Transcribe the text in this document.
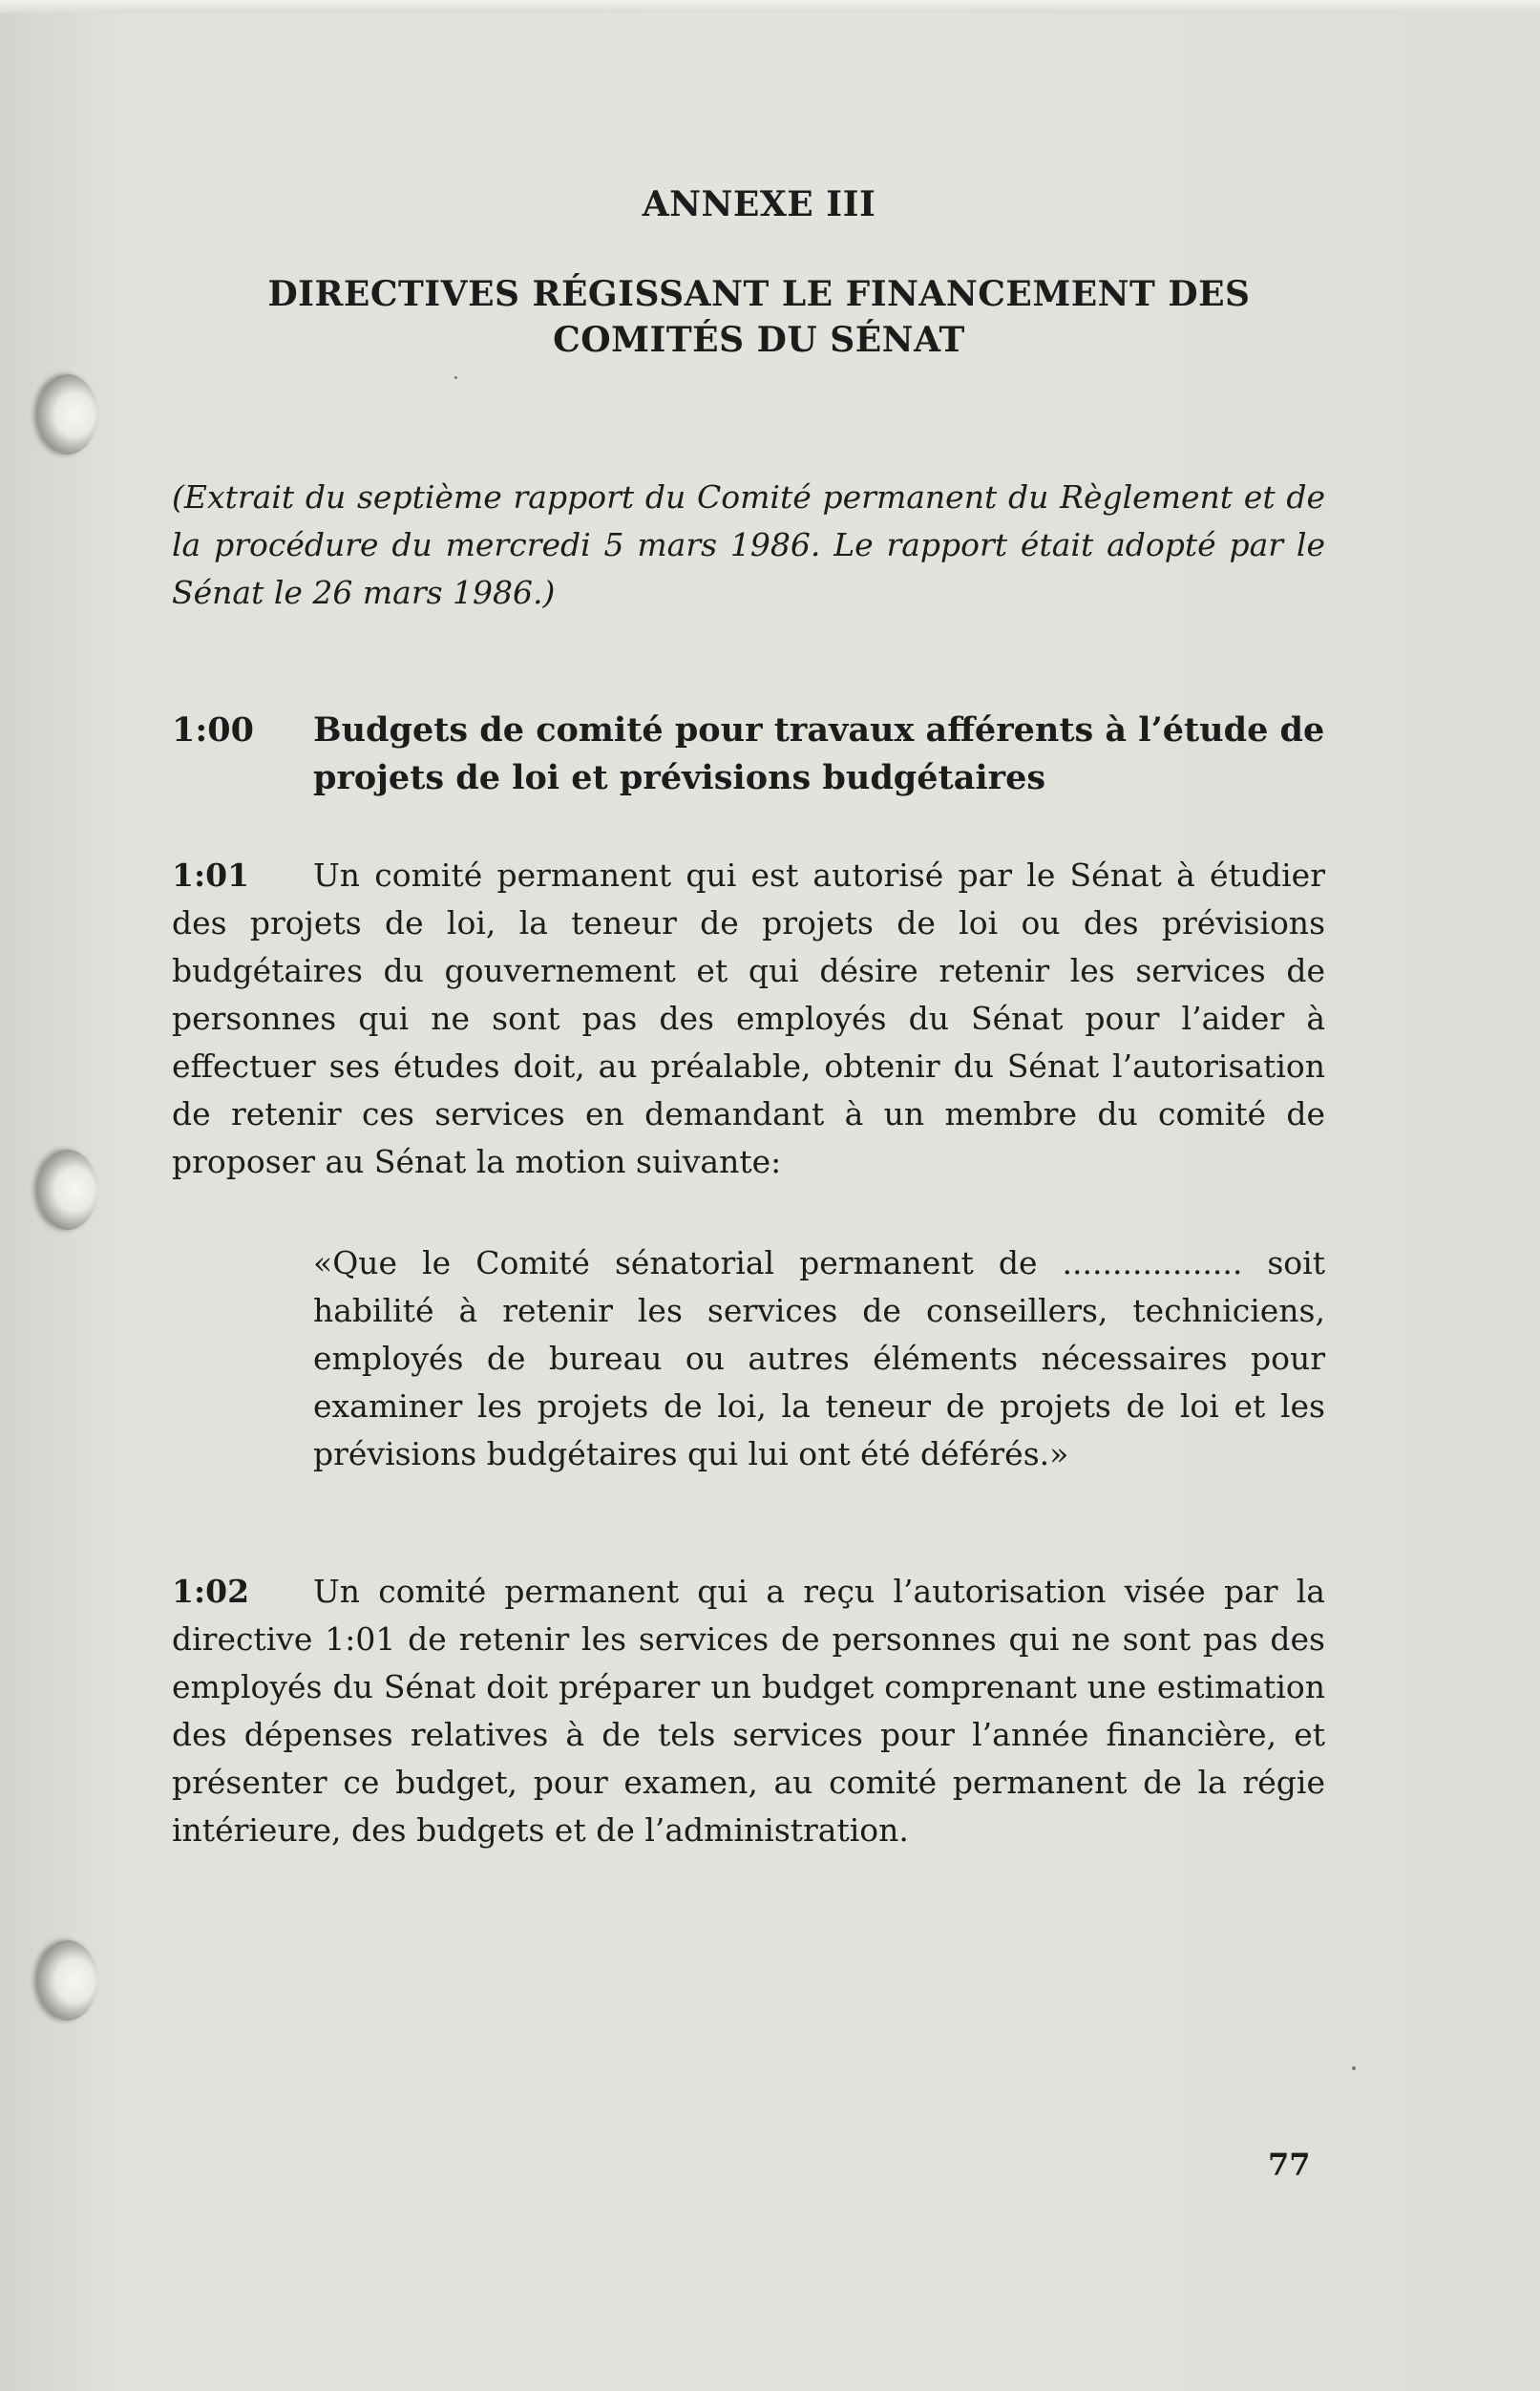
ANNEXE III
DIRECTIVES RÉGISSANT LE FINANCEMENT DES COMITÉS DU SÉNAT
(Extrait du septième rapport du Comité permanent du Règlement et de la procédure du mercredi 5 mars 1986. Le rapport était adopté par le Sénat le 26 mars 1986.)
1:00 Budgets de comité pour travaux afférents à l’étude de projets de loi et prévisions budgétaires
1:01 Un comité permanent qui est autorisé par le Sénat à étudier des projets de loi, la teneur de projets de loi ou des prévisions budgétaires du gouvernement et qui désire retenir les services de personnes qui ne sont pas des employés du Sénat pour l’aider à effectuer ses études doit, au préalable, obtenir du Sénat l’autorisation de retenir ces services en demandant à un membre du comité de proposer au Sénat la motion suivante:
«Que le Comité sénatorial permanent de .................. soit habilité à retenir les services de conseillers, techniciens, employés de bureau ou autres éléments nécessaires pour examiner les projets de loi, la teneur de projets de loi et les prévisions budgétaires qui lui ont été déférés.»
1:02 Un comité permanent qui a reçu l’autorisation visée par la directive 1:01 de retenir les services de personnes qui ne sont pas des employés du Sénat doit préparer un budget comprenant une estimation des dépenses relatives à de tels services pour l’année financière, et présenter ce budget, pour examen, au comité permanent de la régie intérieure, des budgets et de l’administration.
77
